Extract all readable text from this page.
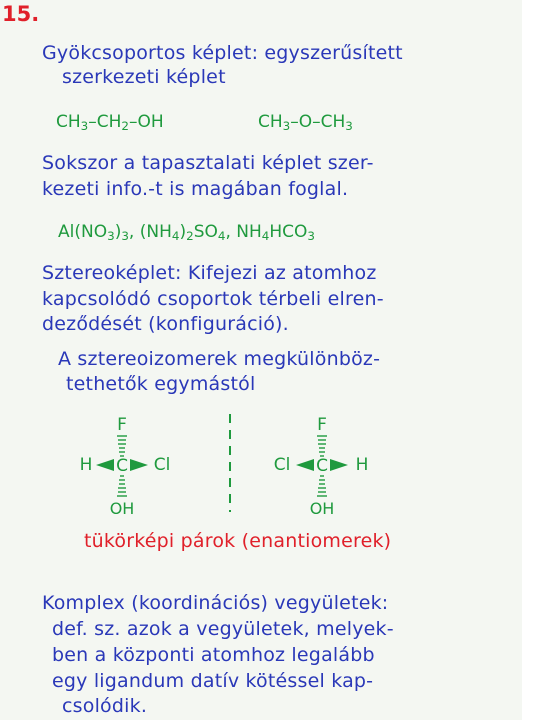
15.
Gyökcsoportos képlet: egyszerűsített
szerkezeti képlet
$CH_3-CH_2-OH$	$CH_3-O-CH_3$
Sokszor a tapasztalati képlet szer-
kezeti info.-t is magában foglal.
$Al(NO_3)_3$, $(NH_4)_2SO_4$, $NH_4HCO_3$
Sztereoképlet: Kifejezi az atomhoz
kapcsolódó csoportok térbeli elren-
deződését (konfiguráció).
A sztereoizomerek megkülönböz-
tethetők egymástól
F
H C Cl
OH
F
Cl C H
OH
tükörképi párok (enantiomerek)
Komplex (koordinációs) vegyületek:
def. sz. azok a vegyületek, melyek-
ben a központi atomhoz legalább
egy ligandum datív kötéssel kap-
csolódik.
